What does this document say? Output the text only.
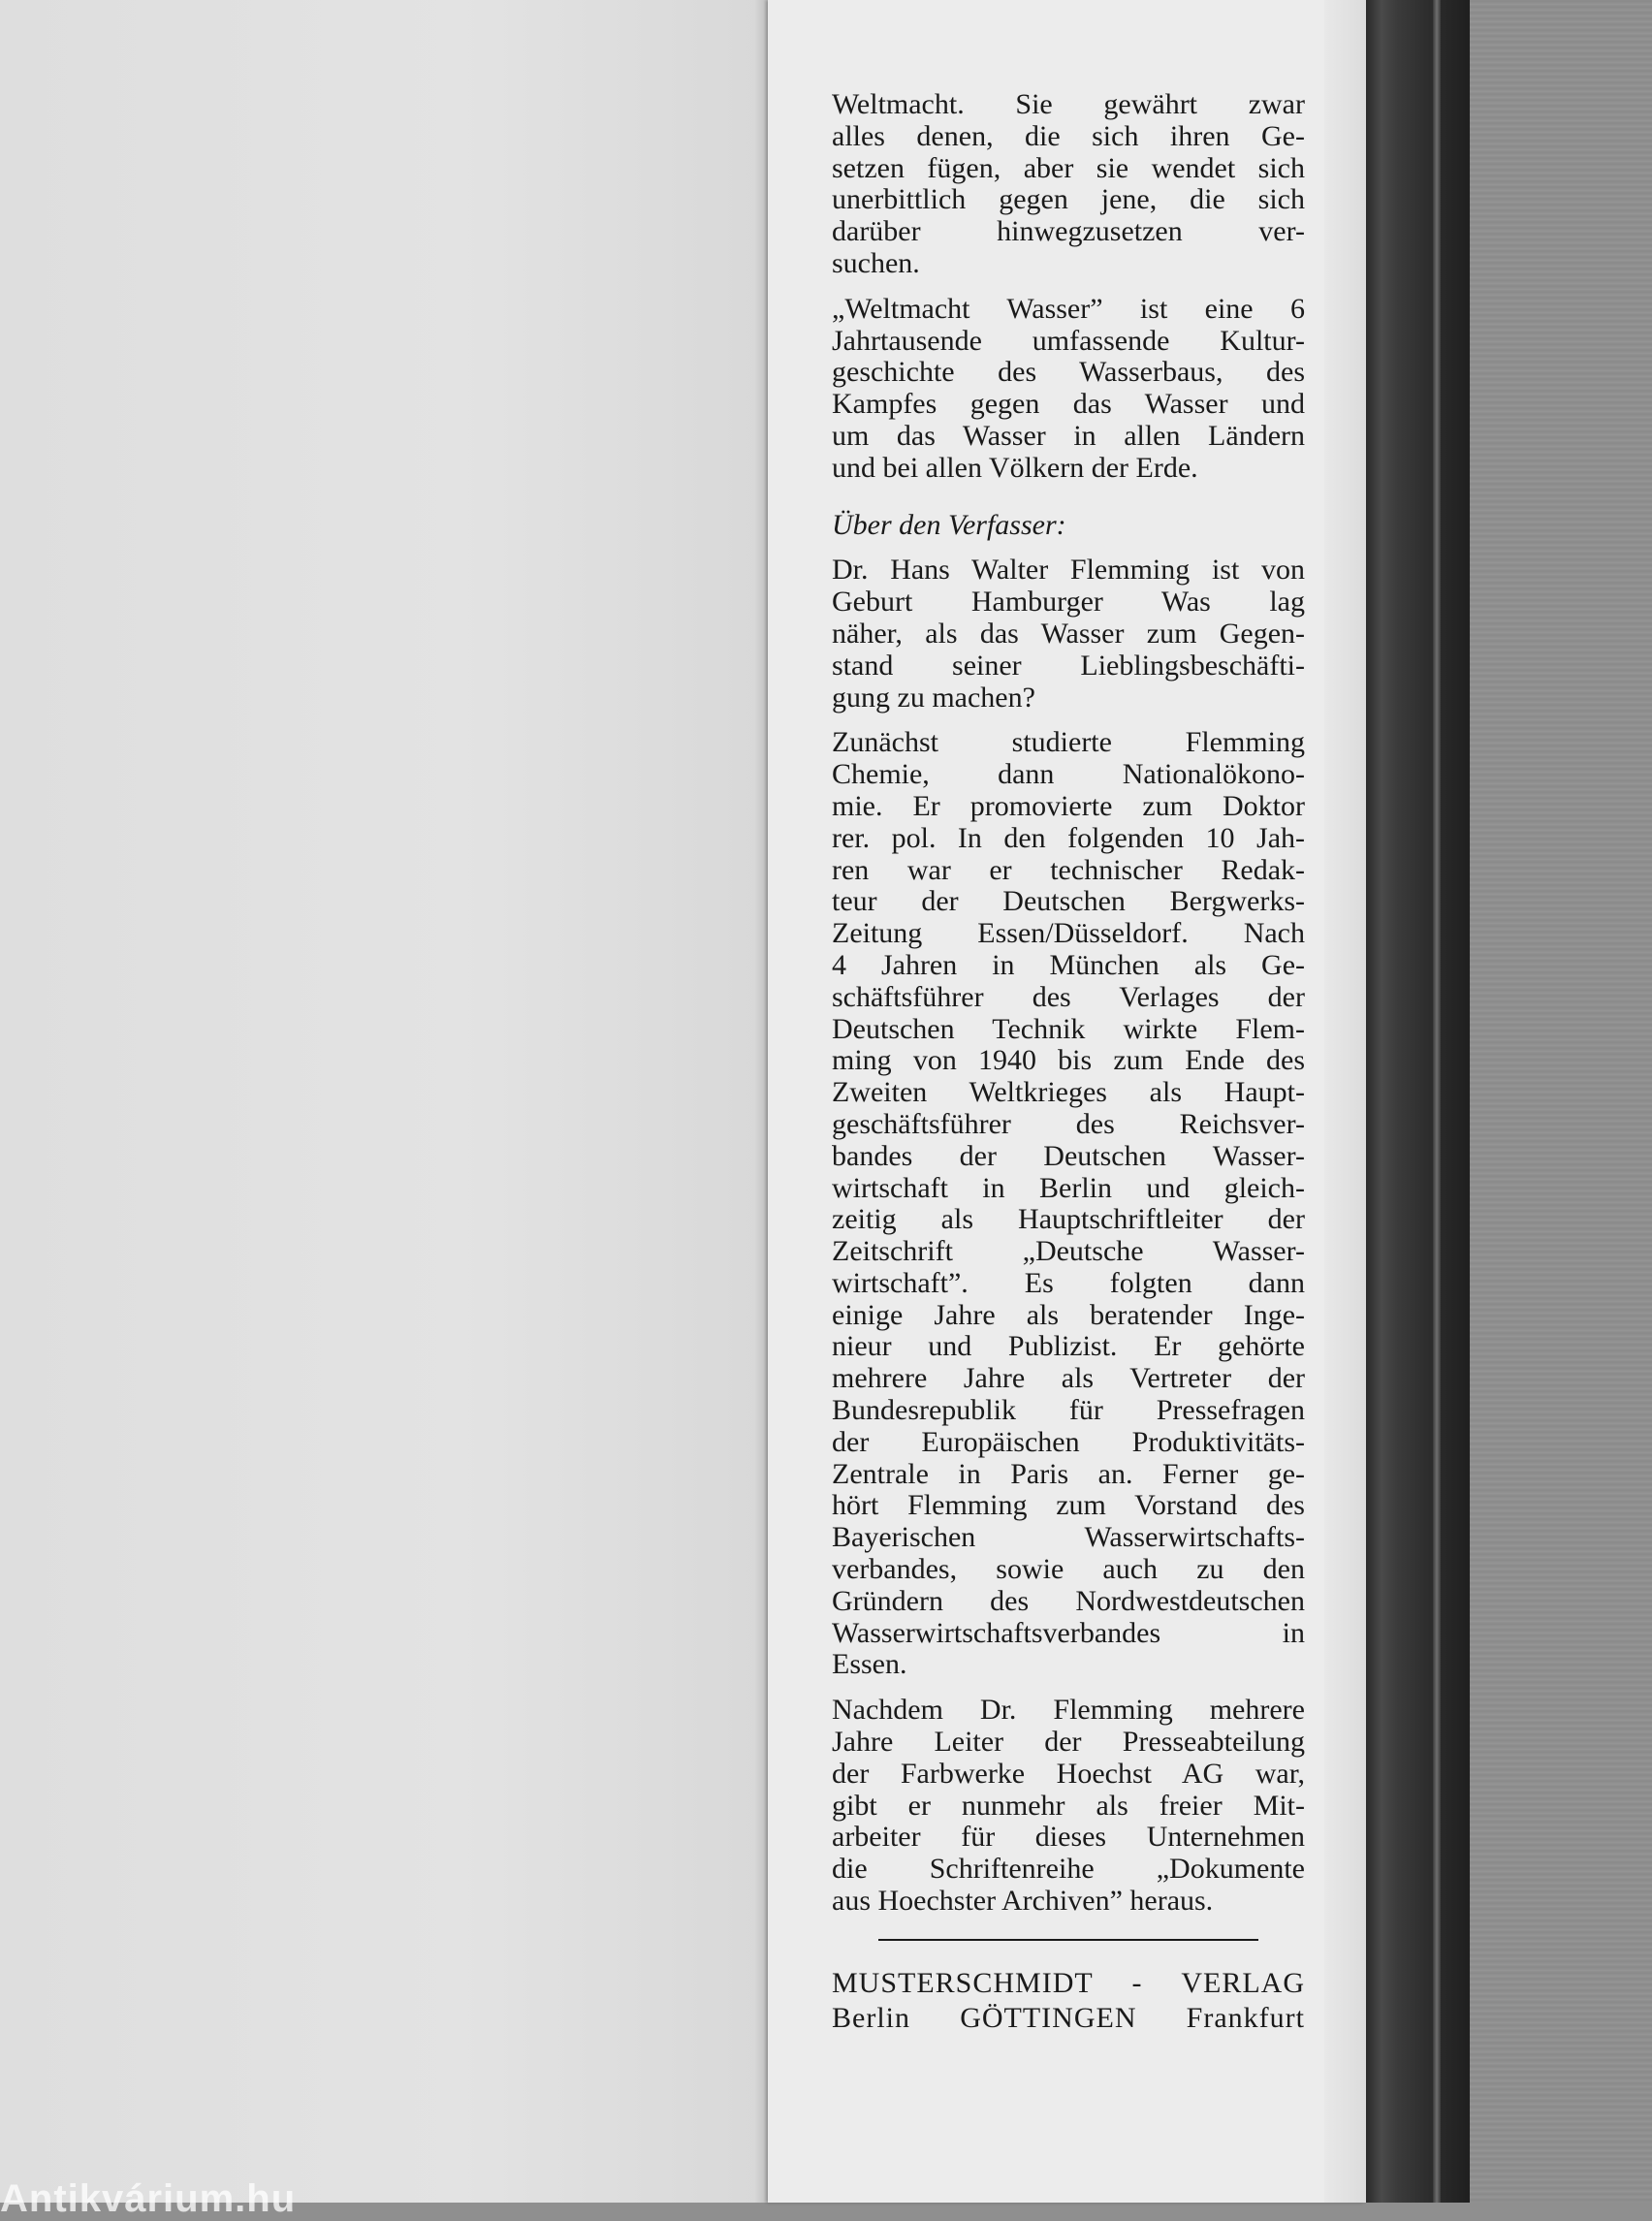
Weltmacht. Sie gewährt zwar
alles denen, die sich ihren Ge-
setzen fügen, aber sie wendet sich
unerbittlich gegen jene, die sich
darüber hinwegzusetzen ver-
suchen.
„Weltmacht Wasser” ist eine 6
Jahrtausende umfassende Kultur-
geschichte des Wasserbaus, des
Kampfes gegen das Wasser und
um das Wasser in allen Ländern
und bei allen Völkern der Erde.
Über den Verfasser:
Dr. Hans Walter Flemming ist von
Geburt Hamburger Was lag
näher, als das Wasser zum Gegen-
stand seiner Lieblingsbeschäfti-
gung zu machen?
Zunächst studierte Flemming
Chemie, dann Nationalökono-
mie. Er promovierte zum Doktor
rer. pol. In den folgenden 10 Jah-
ren war er technischer Redak-
teur der Deutschen Bergwerks-
Zeitung Essen/Düsseldorf. Nach
4 Jahren in München als Ge-
schäftsführer des Verlages der
Deutschen Technik wirkte Flem-
ming von 1940 bis zum Ende des
Zweiten Weltkrieges als Haupt-
geschäftsführer des Reichsver-
bandes der Deutschen Wasser-
wirtschaft in Berlin und gleich-
zeitig als Hauptschriftleiter der
Zeitschrift „Deutsche Wasser-
wirtschaft”. Es folgten dann
einige Jahre als beratender Inge-
nieur und Publizist. Er gehörte
mehrere Jahre als Vertreter der
Bundesrepublik für Pressefragen
der Europäischen Produktivitäts-
Zentrale in Paris an. Ferner ge-
hört Flemming zum Vorstand des
Bayerischen Wasserwirtschafts-
verbandes, sowie auch zu den
Gründern des Nordwestdeutschen
Wasserwirtschaftsverbandes in
Essen.
Nachdem Dr. Flemming mehrere
Jahre Leiter der Presseabteilung
der Farbwerke Hoechst AG war,
gibt er nunmehr als freier Mit-
arbeiter für dieses Unternehmen
die Schriftenreihe „Dokumente
aus Hoechster Archiven” heraus.
MUSTERSCHMIDT - VERLAG
Berlin GÖTTINGEN Frankfurt
Antikvárium.hu
